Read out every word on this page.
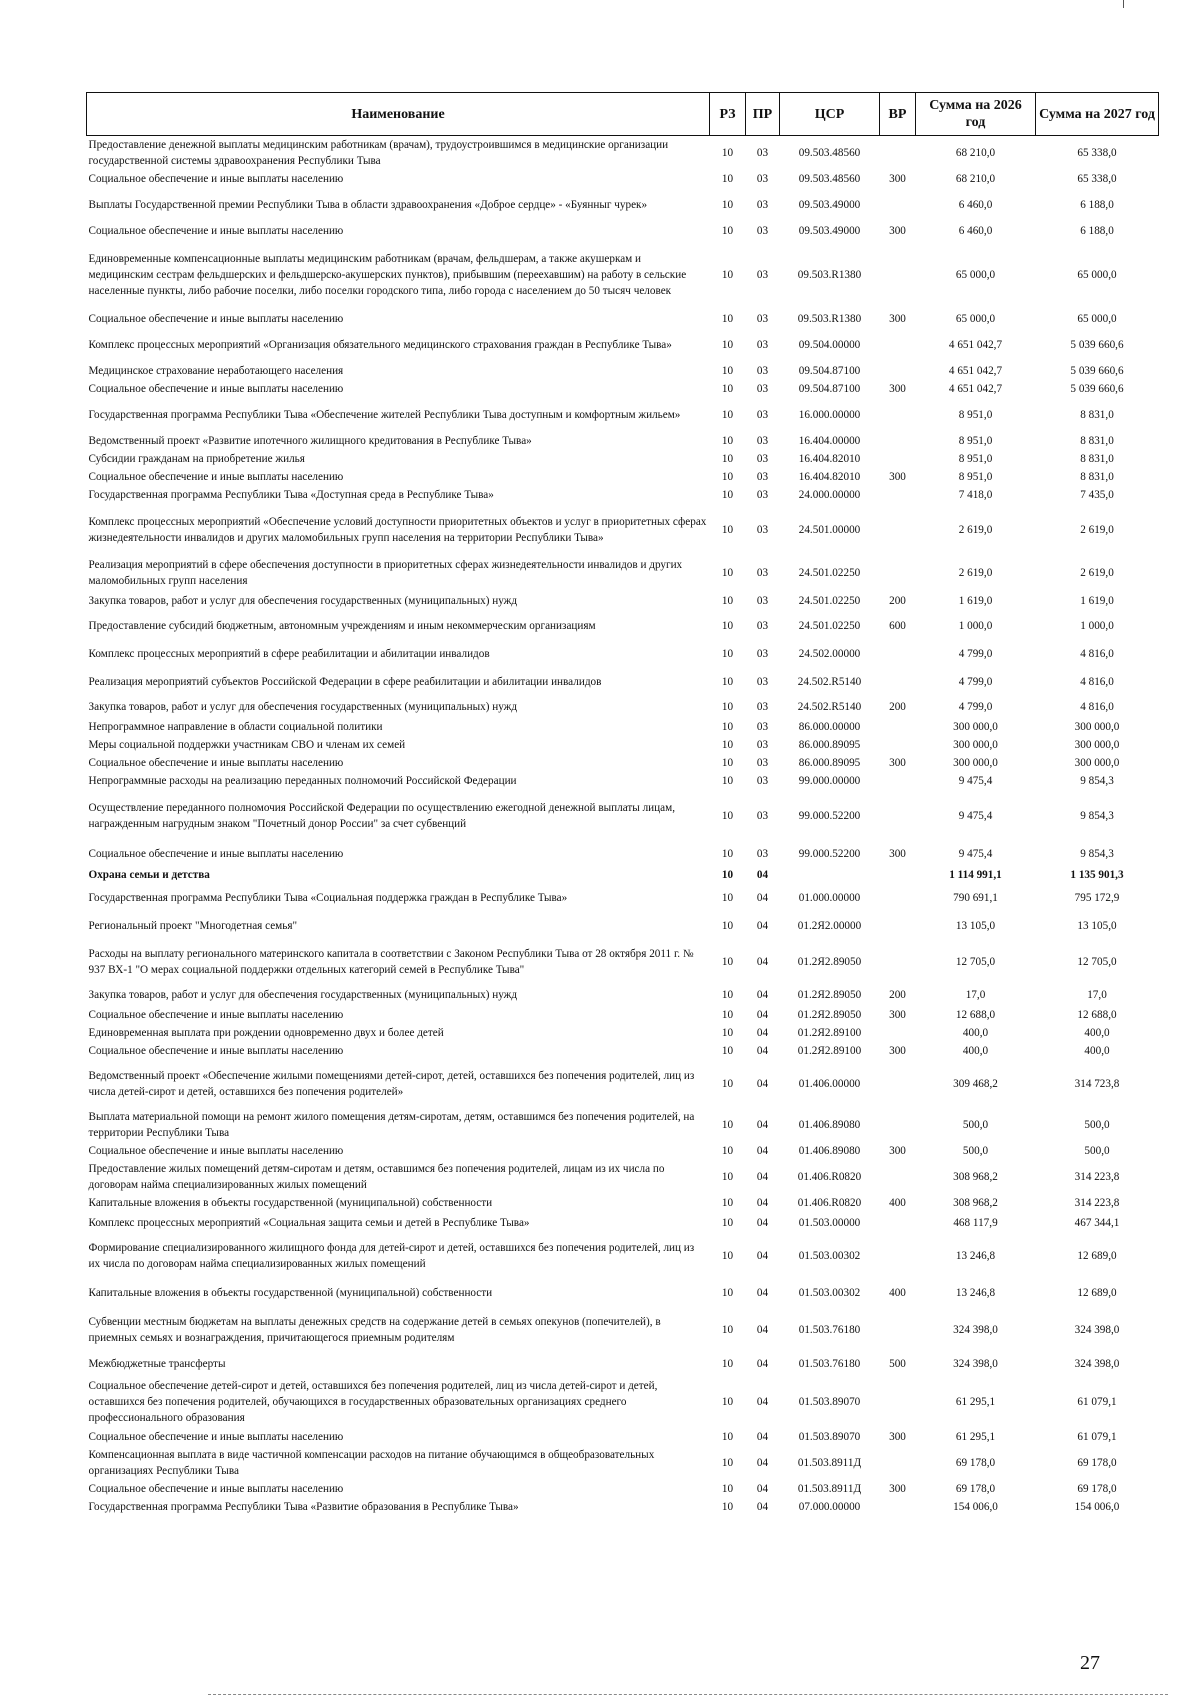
Наименование	РЗ	ПР	ЦСР	ВР	Сумма на 2026 год	Сумма на 2027 год
Предоставление денежной выплаты медицинским работникам (врачам), трудоустроившимся в медицинские организации государственной системы здравоохранения Республики Тыва	10	03	09.503.48560		68 210,0	65 338,0
Социальное обеспечение и иные выплаты населению	10	03	09.503.48560	300	68 210,0	65 338,0
Выплаты Государственной премии Республики Тыва в области здравоохранения «Доброе сердце» - «Буянныг чурек»	10	03	09.503.49000		6 460,0	6 188,0
Социальное обеспечение и иные выплаты населению	10	03	09.503.49000	300	6 460,0	6 188,0
Единовременные компенсационные выплаты медицинским работникам (врачам, фельдшерам, а также акушеркам и медицинским сестрам фельдшерских и фельдшерско-акушерских пунктов), прибывшим (переехавшим) на работу в сельские населенные пункты, либо рабочие поселки, либо поселки городского типа, либо города с населением до 50 тысяч человек	10	03	09.503.R1380		65 000,0	65 000,0
Социальное обеспечение и иные выплаты населению	10	03	09.503.R1380	300	65 000,0	65 000,0
Комплекс процессных мероприятий «Организация обязательного медицинского страхования граждан в Республике Тыва»	10	03	09.504.00000		4 651 042,7	5 039 660,6
Медицинское страхование неработающего населения	10	03	09.504.87100		4 651 042,7	5 039 660,6
Социальное обеспечение и иные выплаты населению	10	03	09.504.87100	300	4 651 042,7	5 039 660,6
Государственная программа Республики Тыва «Обеспечение жителей Республики Тыва доступным и комфортным жильем»	10	03	16.000.00000		8 951,0	8 831,0
Ведомственный проект «Развитие ипотечного жилищного кредитования в Республике Тыва»	10	03	16.404.00000		8 951,0	8 831,0
Субсидии гражданам на приобретение жилья	10	03	16.404.82010		8 951,0	8 831,0
Социальное обеспечение и иные выплаты населению	10	03	16.404.82010	300	8 951,0	8 831,0
Государственная программа Республики Тыва «Доступная среда в Республике Тыва»	10	03	24.000.00000		7 418,0	7 435,0
Комплекс процессных мероприятий «Обеспечение условий доступности приоритетных объектов и услуг в приоритетных сферах жизнедеятельности инвалидов и других маломобильных групп населения на территории Республики Тыва»	10	03	24.501.00000		2 619,0	2 619,0
Реализация мероприятий в сфере обеспечения доступности в приоритетных сферах жизнедеятельности инвалидов и других маломобильных групп населения	10	03	24.501.02250		2 619,0	2 619,0
Закупка товаров, работ и услуг для обеспечения государственных (муниципальных) нужд	10	03	24.501.02250	200	1 619,0	1 619,0
Предоставление субсидий бюджетным, автономным учреждениям и иным некоммерческим организациям	10	03	24.501.02250	600	1 000,0	1 000,0
Комплекс процессных мероприятий в сфере реабилитации и абилитации инвалидов	10	03	24.502.00000		4 799,0	4 816,0
Реализация мероприятий субъектов Российской Федерации в сфере реабилитации и абилитации инвалидов	10	03	24.502.R5140		4 799,0	4 816,0
Закупка товаров, работ и услуг для обеспечения государственных (муниципальных) нужд	10	03	24.502.R5140	200	4 799,0	4 816,0
Непрограммное направление в области социальной политики	10	03	86.000.00000		300 000,0	300 000,0
Меры социальной поддержки участникам СВО и членам их семей	10	03	86.000.89095		300 000,0	300 000,0
Социальное обеспечение и иные выплаты населению	10	03	86.000.89095	300	300 000,0	300 000,0
Непрограммные расходы на реализацию переданных полномочий Российской Федерации	10	03	99.000.00000		9 475,4	9 854,3
Осуществление переданного полномочия Российской Федерации по осуществлению ежегодной денежной выплаты лицам, награжденным нагрудным знаком "Почетный донор России" за счет субвенций	10	03	99.000.52200		9 475,4	9 854,3
Социальное обеспечение и иные выплаты населению	10	03	99.000.52200	300	9 475,4	9 854,3
Охрана семьи и детства	10	04			1 114 991,1	1 135 901,3
Государственная программа Республики Тыва «Социальная поддержка граждан в Республике Тыва»	10	04	01.000.00000		790 691,1	795 172,9
Региональный проект "Многодетная семья"	10	04	01.2Я2.00000		13 105,0	13 105,0
Расходы на выплату регионального материнского капитала в соответствии с Законом Республики Тыва от 28 октября 2011 г. № 937 ВХ-1 "О мерах социальной поддержки отдельных категорий семей в Республике Тыва"	10	04	01.2Я2.89050		12 705,0	12 705,0
Закупка товаров, работ и услуг для обеспечения государственных (муниципальных) нужд	10	04	01.2Я2.89050	200	17,0	17,0
Социальное обеспечение и иные выплаты населению	10	04	01.2Я2.89050	300	12 688,0	12 688,0
Единовременная выплата при рождении одновременно двух и более детей	10	04	01.2Я2.89100		400,0	400,0
Социальное обеспечение и иные выплаты населению	10	04	01.2Я2.89100	300	400,0	400,0
Ведомственный проект «Обеспечение жилыми помещениями детей-сирот, детей, оставшихся без попечения родителей, лиц из числа детей-сирот и детей, оставшихся без попечения родителей»	10	04	01.406.00000		309 468,2	314 723,8
Выплата материальной помощи на ремонт жилого помещения детям-сиротам, детям, оставшимся без попечения родителей, на территории Республики Тыва	10	04	01.406.89080		500,0	500,0
Социальное обеспечение и иные выплаты населению	10	04	01.406.89080	300	500,0	500,0
Предоставление жилых помещений детям-сиротам и детям, оставшимся без попечения родителей, лицам из их числа по договорам найма специализированных жилых помещений	10	04	01.406.R0820		308 968,2	314 223,8
Капитальные вложения в объекты государственной (муниципальной) собственности	10	04	01.406.R0820	400	308 968,2	314 223,8
Комплекс процессных мероприятий «Социальная защита семьи и детей в Республике Тыва»	10	04	01.503.00000		468 117,9	467 344,1
Формирование специализированного жилищного фонда для детей-сирот и детей, оставшихся без попечения родителей, лиц из их числа по договорам найма специализированных жилых помещений	10	04	01.503.00302		13 246,8	12 689,0
Капитальные вложения в объекты государственной (муниципальной) собственности	10	04	01.503.00302	400	13 246,8	12 689,0
Субвенции местным бюджетам на выплаты денежных средств на содержание детей в семьях опекунов (попечителей), в приемных семьях и вознаграждения, причитающегося приемным родителям	10	04	01.503.76180		324 398,0	324 398,0
Межбюджетные трансферты	10	04	01.503.76180	500	324 398,0	324 398,0
Социальное обеспечение детей-сирот и детей, оставшихся без попечения родителей, лиц из числа детей-сирот и детей, оставшихся без попечения родителей, обучающихся в государственных образовательных организациях среднего профессионального образования	10	04	01.503.89070		61 295,1	61 079,1
Социальное обеспечение и иные выплаты населению	10	04	01.503.89070	300	61 295,1	61 079,1
Компенсационная выплата в виде частичной компенсации расходов на питание обучающимся в общеобразовательных организациях Республики Тыва	10	04	01.503.8911Д		69 178,0	69 178,0
Социальное обеспечение и иные выплаты населению	10	04	01.503.8911Д	300	69 178,0	69 178,0
Государственная программа Республики Тыва «Развитие образования в Республике Тыва»	10	04	07.000.00000		154 006,0	154 006,0
27
